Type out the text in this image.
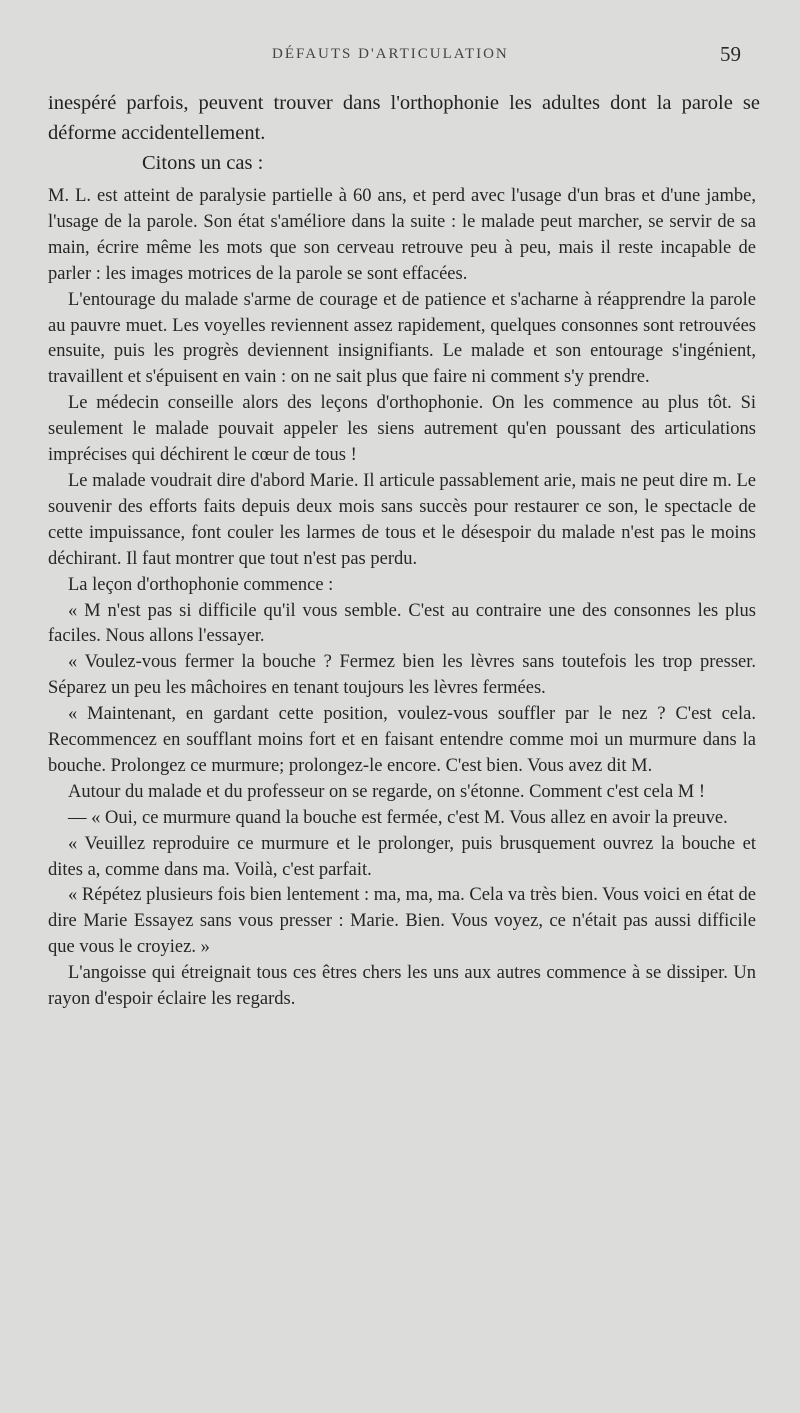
DÉFAUTS D'ARTICULATION	59

inespéré parfois, peuvent trouver dans l'orthophonie les adultes dont la parole se déforme accidentellement.

Citons un cas :

M. L. est atteint de paralysie partielle à 60 ans, et perd avec l'usage d'un bras et d'une jambe, l'usage de la parole. Son état s'améliore dans la suite : le malade peut marcher, se servir de sa main, écrire même les mots que son cerveau retrouve peu à peu, mais il reste incapable de parler : les images motrices de la parole se sont effacées.

L'entourage du malade s'arme de courage et de patience et s'acharne à réapprendre la parole au pauvre muet. Les voyelles reviennent assez rapidement, quelques consonnes sont retrouvées ensuite, puis les progrès deviennent insignifiants. Le malade et son entourage s'ingénient, travaillent et s'épuisent en vain : on ne sait plus que faire ni comment s'y prendre.

Le médecin conseille alors des leçons d'orthophonie. On les commence au plus tôt. Si seulement le malade pouvait appeler les siens autrement qu'en poussant des articulations imprécises qui déchirent le cœur de tous !

Le malade voudrait dire d'abord Marie. Il articule passablement arie, mais ne peut dire m. Le souvenir des efforts faits depuis deux mois sans succès pour restaurer ce son, le spectacle de cette impuissance, font couler les larmes de tous et le désespoir du malade n'est pas le moins déchirant. Il faut montrer que tout n'est pas perdu.

La leçon d'orthophonie commence :

« M n'est pas si difficile qu'il vous semble. C'est au contraire une des consonnes les plus faciles. Nous allons l'essayer.

« Voulez-vous fermer la bouche ? Fermez bien les lèvres sans toutefois les trop presser. Séparez un peu les mâchoires en tenant toujours les lèvres fermées.

« Maintenant, en gardant cette position, voulez-vous souffler par le nez ? C'est cela. Recommencez en soufflant moins fort et en faisant entendre comme moi un murmure dans la bouche. Prolongez ce murmure; prolongez-le encore. C'est bien. Vous avez dit M.

Autour du malade et du professeur on se regarde, on s'étonne. Comment c'est cela M !

— « Oui, ce murmure quand la bouche est fermée, c'est M. Vous allez en avoir la preuve.

« Veuillez reproduire ce murmure et le prolonger, puis brusquement ouvrez la bouche et dites a, comme dans ma. Voilà, c'est parfait.

« Répétez plusieurs fois bien lentement : ma, ma, ma. Cela va très bien. Vous voici en état de dire Marie Essayez sans vous presser : Marie. Bien. Vous voyez, ce n'était pas aussi difficile que vous le croyiez. »

L'angoisse qui étreignait tous ces êtres chers les uns aux autres commence à se dissiper. Un rayon d'espoir éclaire les regards.
